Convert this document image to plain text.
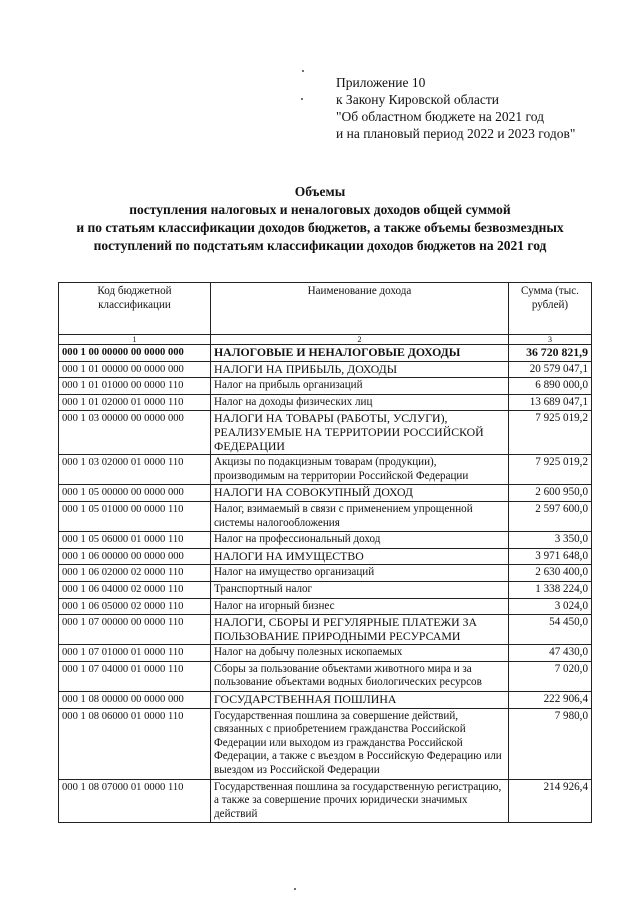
Приложение 10
к Закону Кировской области
"Об областном бюджете на 2021 год
и на плановый период 2022 и 2023 годов"
Объемы
поступления налоговых и неналоговых доходов общей суммой
и по статьям классификации доходов бюджетов, а также объемы безвозмездных
поступлений по подстатьям классификации доходов бюджетов на 2021 год
Код бюджетной классификации	Наименование дохода	Сумма (тыс. рублей)
1	2	3
000 1 00 00000 00 0000 000	НАЛОГОВЫЕ И НЕНАЛОГОВЫЕ ДОХОДЫ	36 720 821,9
000 1 01 00000 00 0000 000	НАЛОГИ НА ПРИБЫЛЬ, ДОХОДЫ	20 579 047,1
000 1 01 01000 00 0000 110	Налог на прибыль организаций	6 890 000,0
000 1 01 02000 01 0000 110	Налог на доходы физических лиц	13 689 047,1
000 1 03 00000 00 0000 000	НАЛОГИ НА ТОВАРЫ (РАБОТЫ, УСЛУГИ), РЕАЛИЗУЕМЫЕ НА ТЕРРИТОРИИ РОССИЙСКОЙ ФЕДЕРАЦИИ	7 925 019,2
000 1 03 02000 01 0000 110	Акцизы по подакцизным товарам (продукции), производимым на территории Российской Федерации	7 925 019,2
000 1 05 00000 00 0000 000	НАЛОГИ НА СОВОКУПНЫЙ ДОХОД	2 600 950,0
000 1 05 01000 00 0000 110	Налог, взимаемый в связи с применением упрощенной системы налогообложения	2 597 600,0
000 1 05 06000 01 0000 110	Налог на профессиональный доход	3 350,0
000 1 06 00000 00 0000 000	НАЛОГИ НА ИМУЩЕСТВО	3 971 648,0
000 1 06 02000 02 0000 110	Налог на имущество организаций	2 630 400,0
000 1 06 04000 02 0000 110	Транспортный налог	1 338 224,0
000 1 06 05000 02 0000 110	Налог на игорный бизнес	3 024,0
000 1 07 00000 00 0000 110	НАЛОГИ, СБОРЫ И РЕГУЛЯРНЫЕ ПЛАТЕЖИ ЗА ПОЛЬЗОВАНИЕ ПРИРОДНЫМИ РЕСУРСАМИ	54 450,0
000 1 07 01000 01 0000 110	Налог на добычу полезных ископаемых	47 430,0
000 1 07 04000 01 0000 110	Сборы за пользование объектами животного мира и за пользование объектами водных биологических ресурсов	7 020,0
000 1 08 00000 00 0000 000	ГОСУДАРСТВЕННАЯ ПОШЛИНА	222 906,4
000 1 08 06000 01 0000 110	Государственная пошлина за совершение действий, связанных с приобретением гражданства Российской Федерации или выходом из гражданства Российской Федерации, а также с въездом в Российскую Федерацию или выездом из Российской Федерации	7 980,0
000 1 08 07000 01 0000 110	Государственная пошлина за государственную регистрацию, а также за совершение прочих юридически значимых действий	214 926,4
